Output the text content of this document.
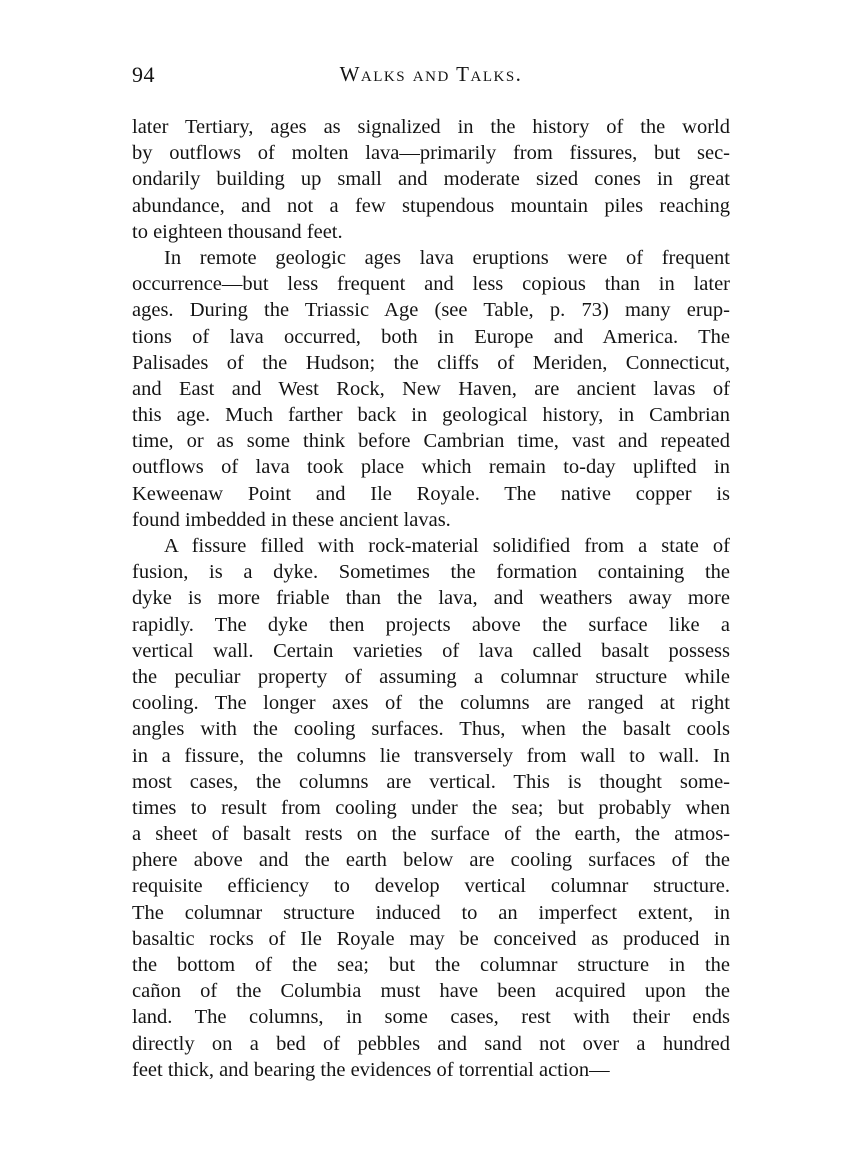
94	Walks and Talks.
later Tertiary, ages as signalized in the history of the world
by outflows of molten lava—primarily from fissures, but sec-
ondarily building up small and moderate sized cones in great
abundance, and not a few stupendous mountain piles reaching
to eighteen thousand feet.
In remote geologic ages lava eruptions were of frequent
occurrence—but less frequent and less copious than in later
ages. During the Triassic Age (see Table, p. 73) many erup-
tions of lava occurred, both in Europe and America. The
Palisades of the Hudson; the cliffs of Meriden, Connecticut,
and East and West Rock, New Haven, are ancient lavas of
this age. Much farther back in geological history, in Cambrian
time, or as some think before Cambrian time, vast and repeated
outflows of lava took place which remain to-day uplifted in
Keweenaw Point and Ile Royale. The native copper is
found imbedded in these ancient lavas.
A fissure filled with rock-material solidified from a state of
fusion, is a dyke. Sometimes the formation containing the
dyke is more friable than the lava, and weathers away more
rapidly. The dyke then projects above the surface like a
vertical wall. Certain varieties of lava called basalt possess
the peculiar property of assuming a columnar structure while
cooling. The longer axes of the columns are ranged at right
angles with the cooling surfaces. Thus, when the basalt cools
in a fissure, the columns lie transversely from wall to wall. In
most cases, the columns are vertical. This is thought some-
times to result from cooling under the sea; but probably when
a sheet of basalt rests on the surface of the earth, the atmos-
phere above and the earth below are cooling surfaces of the
requisite efficiency to develop vertical columnar structure.
The columnar structure induced to an imperfect extent, in
basaltic rocks of Ile Royale may be conceived as produced in
the bottom of the sea; but the columnar structure in the
cañon of the Columbia must have been acquired upon the
land. The columns, in some cases, rest with their ends
directly on a bed of pebbles and sand not over a hundred
feet thick, and bearing the evidences of torrential action—
